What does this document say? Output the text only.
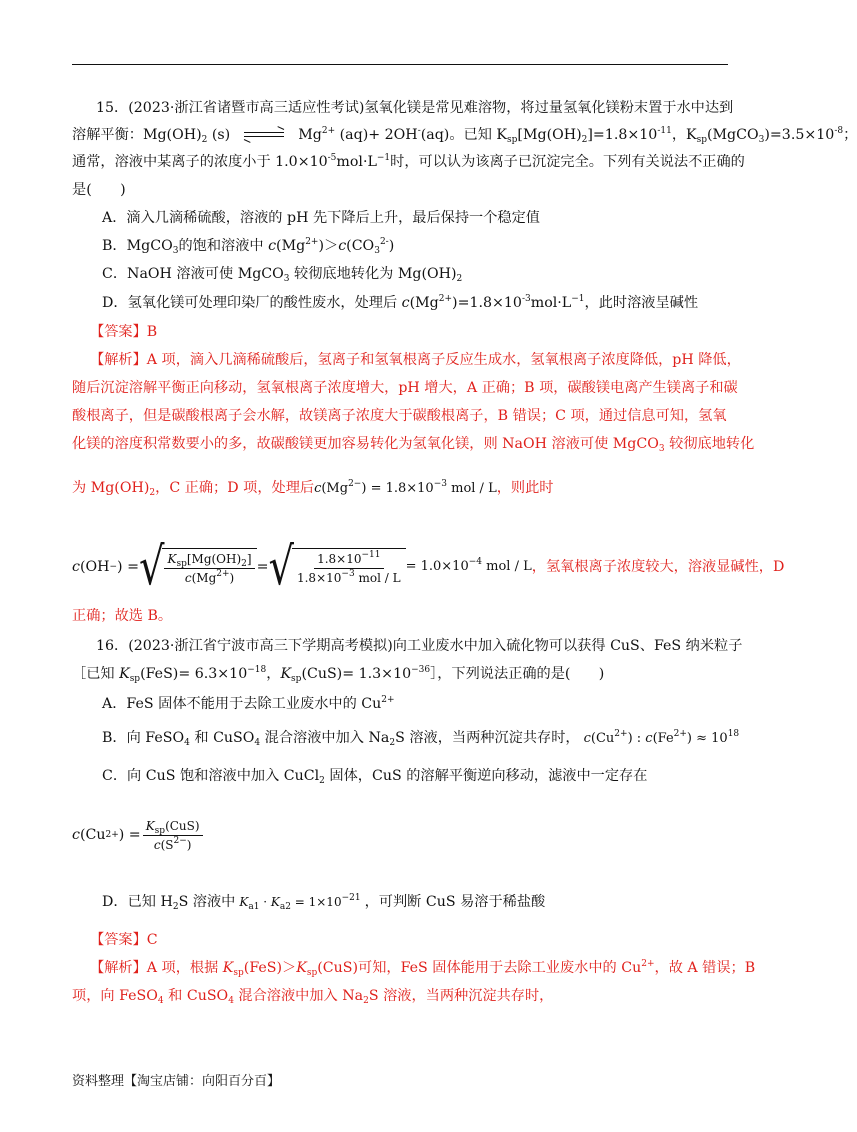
15．(2023·浙江省诸暨市高三适应性考试)氢氧化镁是常见难溶物，将过量氢氧化镁粉末置于水中达到
溶解平衡：$Mg(OH)_2$ (s)	$Mg^{2+}$ (aq)+ 2OH-(aq)。已知 $K_{sp}[Mg(OH)_2]=1.8\times 10^{-11}$，$K_{sp}(MgCO_3)=3.5\times 10^{-8}$；
通常，溶液中某离子的浓度小于 $1.0\times 10^{-5}mol\cdot L^{-1}$时，可以认为该离子已沉淀完全。下列有关说法不正确的
是(　　)
A．滴入几滴稀硫酸，溶液的 pH 先下降后上升，最后保持一个稳定值
B．MgCO$_3$的饱和溶液中 $c(Mg^{2+})>c(CO_3^{2-})$
C．NaOH 溶液可使 MgCO$_3$ 较彻底地转化为 $Mg(OH)_2$
D．氢氧化镁可处理印染厂的酸性废水，处理后 $c(Mg^{2+})=1.8\times 10^{-3}mol\cdot L^{-1}$，此时溶液呈碱性
【答案】B
【解析】A 项，滴入几滴稀硫酸后，氢离子和氢氧根离子反应生成水，氢氧根离子浓度降低，pH 降低，
随后沉淀溶解平衡正向移动，氢氧根离子浓度增大，pH 增大，A 正确；B 项，碳酸镁电离产生镁离子和碳
酸根离子，但是碳酸根离子会水解，故镁离子浓度大于碳酸根离子，B 错误；C 项，通过信息可知，氢氧
化镁的溶度积常数要小的多，故碳酸镁更加容易转化为氢氧化镁，则 NaOH 溶液可使 MgCO$_3$ 较彻底地转化
为 $Mg(OH)_2$，C 正确；D 项，处理后$c(Mg^{2-}) = 1.8\times 10^{-3}$ mol / L，则此时
c (OH − ) = √ $\frac{K_{sp}[Mg(OH)_2]}{c(Mg^{2+})}$ = √ $\frac{1.8\times 10^{-11}}{1.8\times 10^{-3} mol / L} = 1.0\times 10^{-4}$ mol / L ，氢氧根离子浓度较大，溶液显碱性，D
正确；故选 B。
16．(2023·浙江省宁波市高三下学期高考模拟)向工业废水中加入硫化物可以获得 CuS、FeS 纳米粒子
［已知 $K_{sp}(FeS)= 6.3\times 10^{-18}$，$K_{sp}(CuS)=$ $1.3\times 10^{-36}]$，下列说法正确的是(　　)
A．FeS 固体不能用于去除工业废水中的 $Cu^{2+}$
B．向 FeSO$_4$ 和 CuSO$_4$ 混合溶液中加入 $Na_2S$ 溶液，当两种沉淀共存时， $c(Cu^{2+})$ : $c(Fe^{2+}) \approx 10^{18}$
C．向 CuS 饱和溶液中加入 CuCl$_2$ 固体，CuS 的溶解平衡逆向移动，滤液中一定存在
c (Cu 2+ ) = $\frac{K_{sp}(CuS)}{c(S^{2-})}$
D．已知 $H_2S$ 溶液中 $K_{a1} \cdot K_{a2} = 1\times 10^{-21}$ ，可判断 CuS 易溶于稀盐酸
【答案】C
【解析】A 项，根据 $K_{sp}(FeS)>K_{sp}(CuS)$可知，FeS 固体能用于去除工业废水中的 $Cu^{2+}$，故 A 错误；B
项，向 FeSO$_4$ 和 CuSO$_4$ 混合溶液中加入 $Na_2S$ 溶液，当两种沉淀共存时，
资料整理【淘宝店铺：向阳百分百】
